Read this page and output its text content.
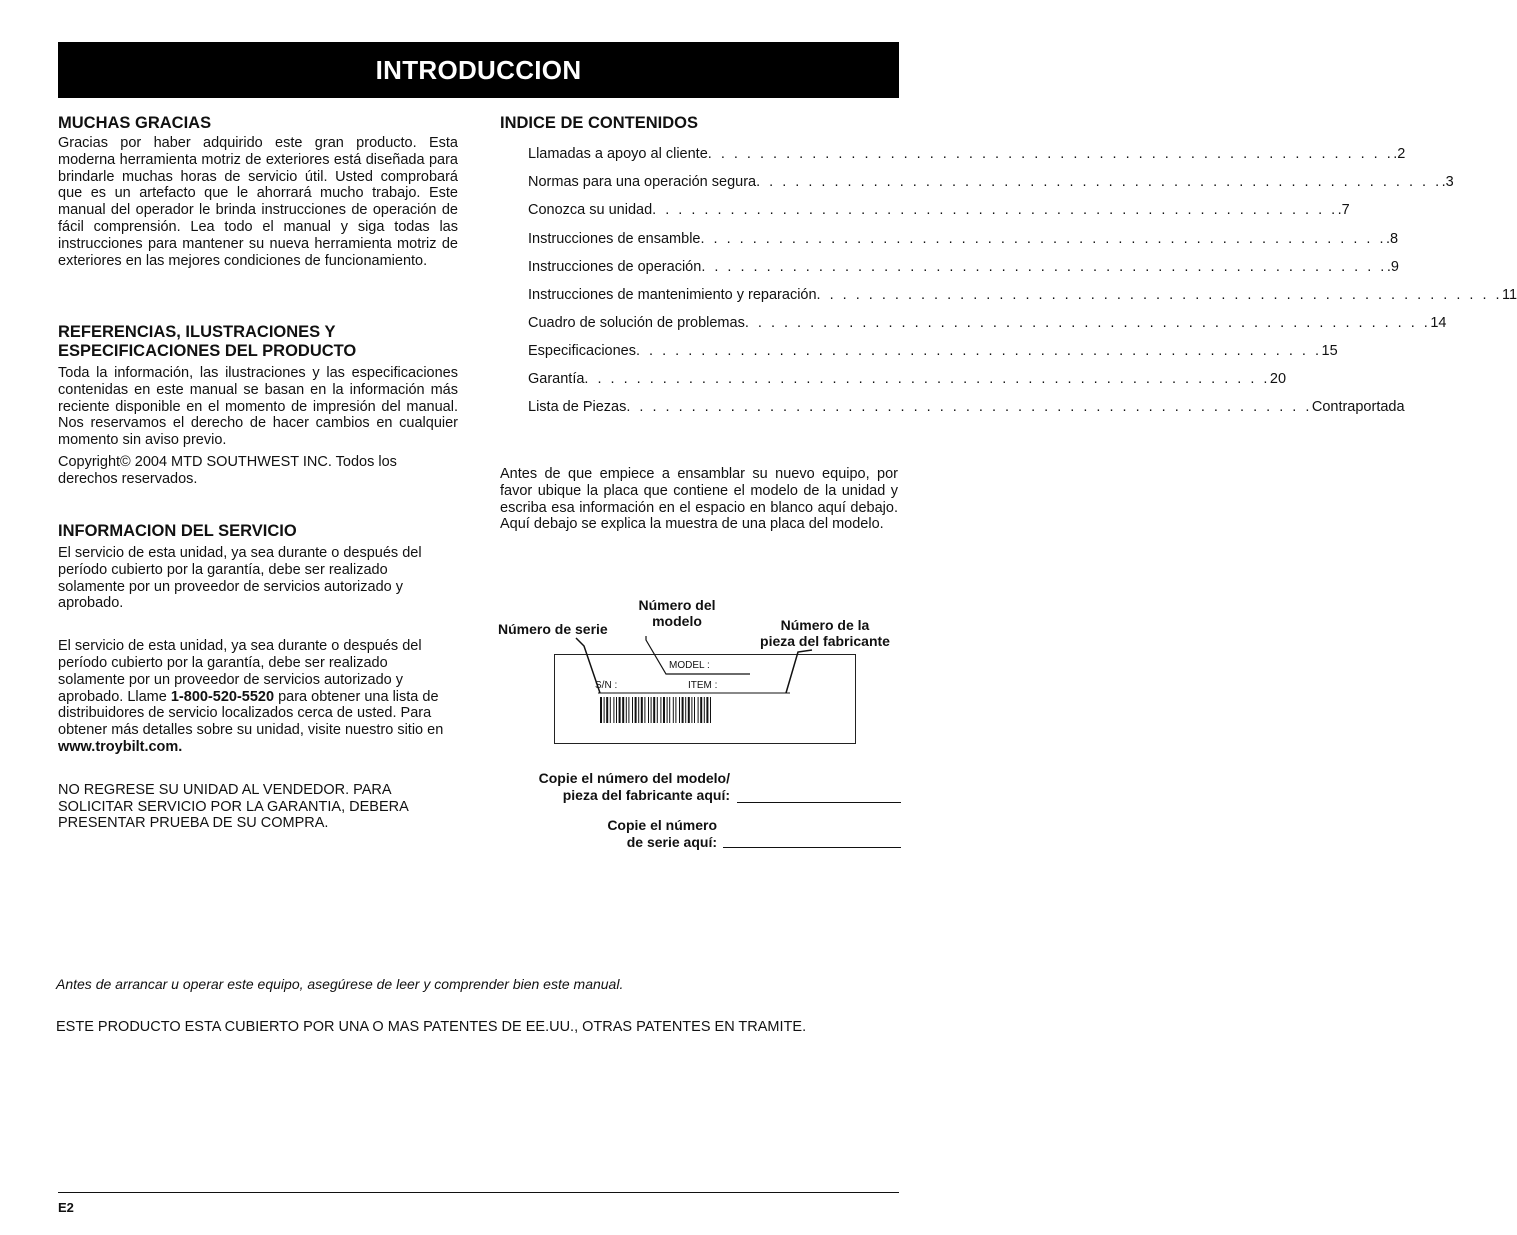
INTRODUCCION
MUCHAS GRACIAS

Gracias por haber adquirido este gran producto. Esta moderna herramienta motriz de exteriores está diseñada para brindarle muchas horas de servicio útil. Usted comprobará que es un artefacto que le ahorrará mucho trabajo. Este manual del operador le brinda instrucciones de operación de fácil comprensión. Lea todo el manual y siga todas las instrucciones para mantener su nueva herramienta motriz de exteriores en las mejores condiciones de funcionamiento.

REFERENCIAS, ILUSTRACIONES Y
ESPECIFICACIONES DEL PRODUCTO

Toda la información, las ilustraciones y las especificaciones contenidas en este manual se basan en la información más reciente disponible en el momento de impresión del manual. Nos reservamos el derecho de hacer cambios en cualquier momento sin aviso previo.

Copyright© 2004 MTD SOUTHWEST INC. Todos los derechos reservados.

INFORMACION DEL SERVICIO

El servicio de esta unidad, ya sea durante o después del período cubierto por la garantía, debe ser realizado solamente por un proveedor de servicios autorizado y aprobado.

El servicio de esta unidad, ya sea durante o después del período cubierto por la garantía, debe ser realizado solamente por un proveedor de servicios autorizado y aprobado. Llame 1-800-520-5520 para obtener una lista de distribuidores de servicio localizados cerca de usted. Para obtener más detalles sobre su unidad, visite nuestro sitio en www.troybilt.com.

NO REGRESE SU UNIDAD AL VENDEDOR. PARA SOLICITAR SERVICIO POR LA GARANTIA, DEBERA PRESENTAR PRUEBA DE SU COMPRA.

INDICE DE CONTENIDOS
Llamadas a apoyo al cliente . . . . . . . . . . . . . . . . . . . . . . . . . . . . . . . . . . . . . . . . . . . . . . . . . . . . . .2
Normas para una operación segura . . . . . . . . . . . . . . . . . . . . . . . . . . . . . . . . . . . . . . . . . . . . . . . . . . . . . .3
Conozca su unidad . . . . . . . . . . . . . . . . . . . . . . . . . . . . . . . . . . . . . . . . . . . . . . . . . . . . . .7
Instrucciones de ensamble . . . . . . . . . . . . . . . . . . . . . . . . . . . . . . . . . . . . . . . . . . . . . . . . . . . . . .8
Instrucciones de operación . . . . . . . . . . . . . . . . . . . . . . . . . . . . . . . . . . . . . . . . . . . . . . . . . . . . . .9
Instrucciones de mantenimiento y reparación . . . . . . . . . . . . . . . . . . . . . . . . . . . . . . . . . . . . . . . . . . . . . . . . . . . . . 11
Cuadro de solución de problemas . . . . . . . . . . . . . . . . . . . . . . . . . . . . . . . . . . . . . . . . . . . . . . . . . . . . . 14
Especificaciones . . . . . . . . . . . . . . . . . . . . . . . . . . . . . . . . . . . . . . . . . . . . . . . . . . . . . 15
Garantía . . . . . . . . . . . . . . . . . . . . . . . . . . . . . . . . . . . . . . . . . . . . . . . . . . . . . 20
Lista de Piezas . . . . . . . . . . . . . . . . . . . . . . . . . . . . . . . . . . . . . . . . . . . . . . . . . . . . . Contraportada

Antes de que empiece a ensamblar su nuevo equipo, por favor ubique la placa que contiene el modelo de la unidad y escriba esa información en el espacio en blanco aquí debajo. Aquí debajo se explica la muestra de una placa del modelo.

Número de serie
Número del
modelo	Número de la
pieza del fabricante
MODEL :
S/N :	ITEM :
Copie el número del modelo/
pieza del fabricante aquí:
Copie el número
de serie aquí:

Antes de arrancar u operar este equipo, asegúrese de leer y comprender bien este manual.

ESTE PRODUCTO ESTA CUBIERTO POR UNA O MAS PATENTES DE EE.UU., OTRAS PATENTES EN TRAMITE.

E2
